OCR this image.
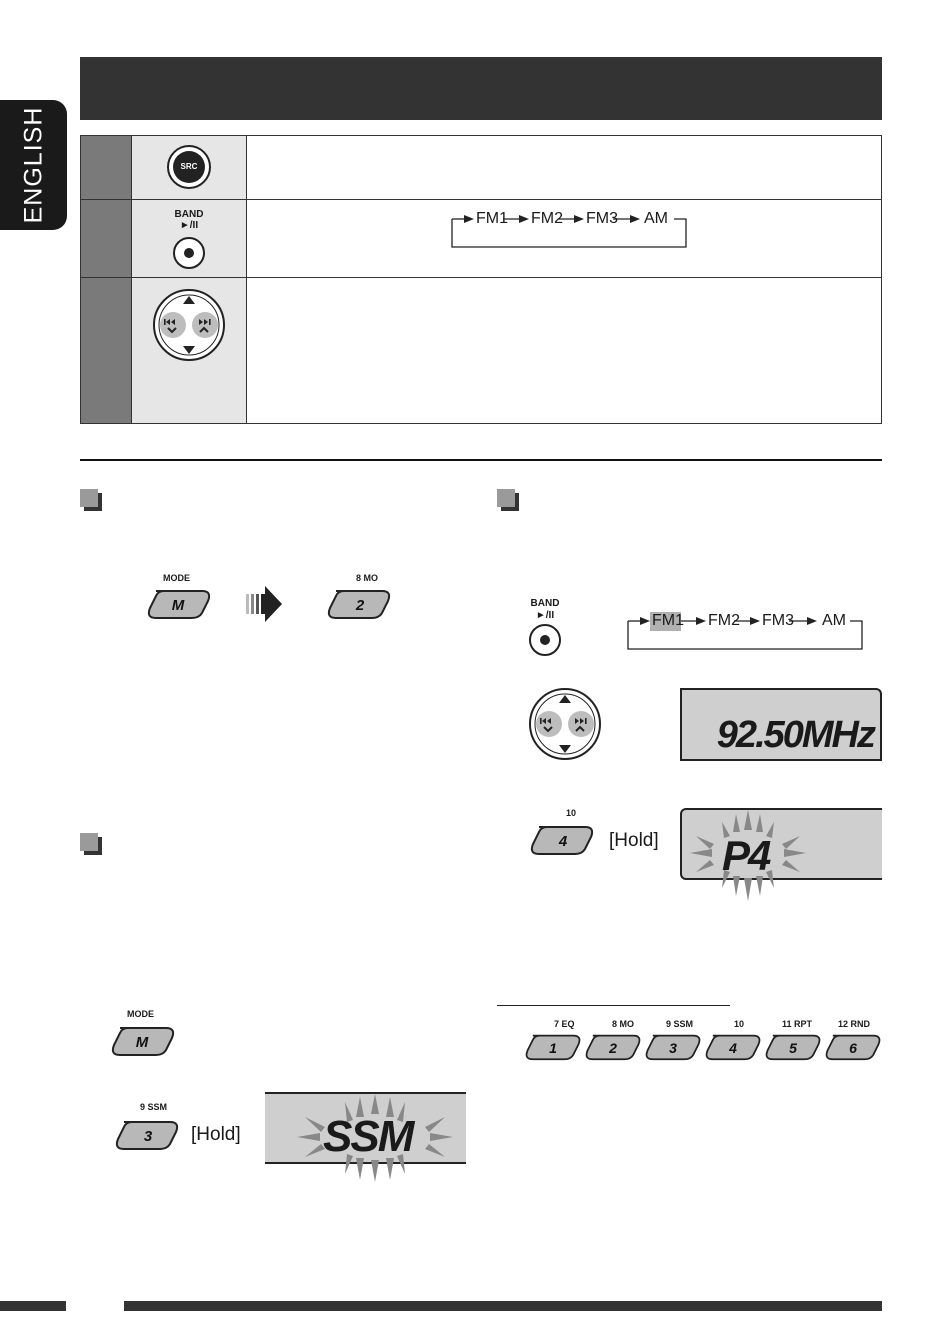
ENGLISH	SRC
BAND
►/II	FM1 FM2 FM3 AM
MODE
M
8 MO
2
MODE
M
9 SSM
3 [Hold] SSM
BAND
►/II	FM1 FM2 FM3 AM
92.50MHz
10
4 [Hold] P4
7 EQ
1
8 MO
2
9 SSM
3
10
4
11 RPT
5
12 RND
6
